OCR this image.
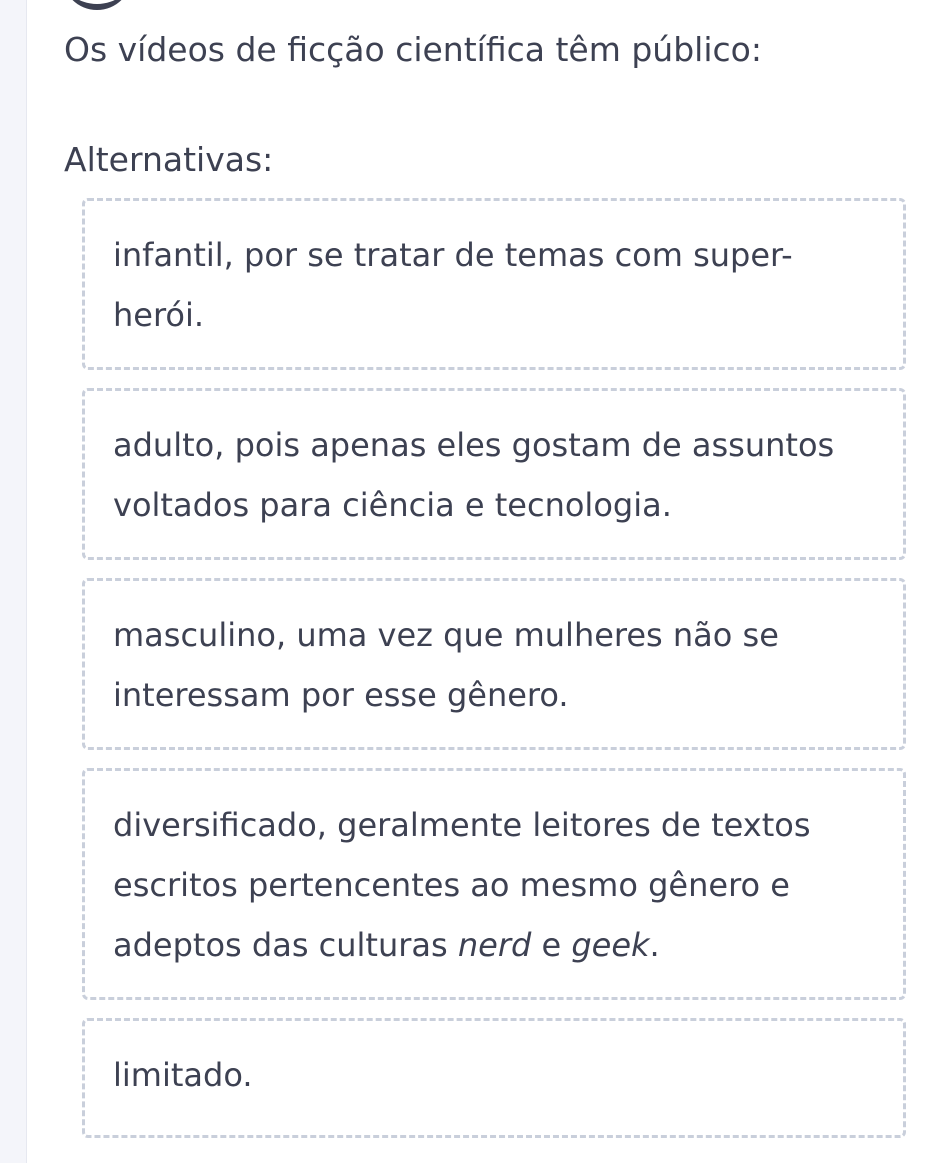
Os vídeos de ficção científica têm público:
Alternativas:
infantil, por se tratar de temas com super-herói.
adulto, pois apenas eles gostam de assuntos voltados para ciência e tecnologia.
masculino, uma vez que mulheres não se interessam por esse gênero.
diversificado, geralmente leitores de textos escritos pertencentes ao mesmo gênero e adeptos das culturas nerd e geek.
limitado.
